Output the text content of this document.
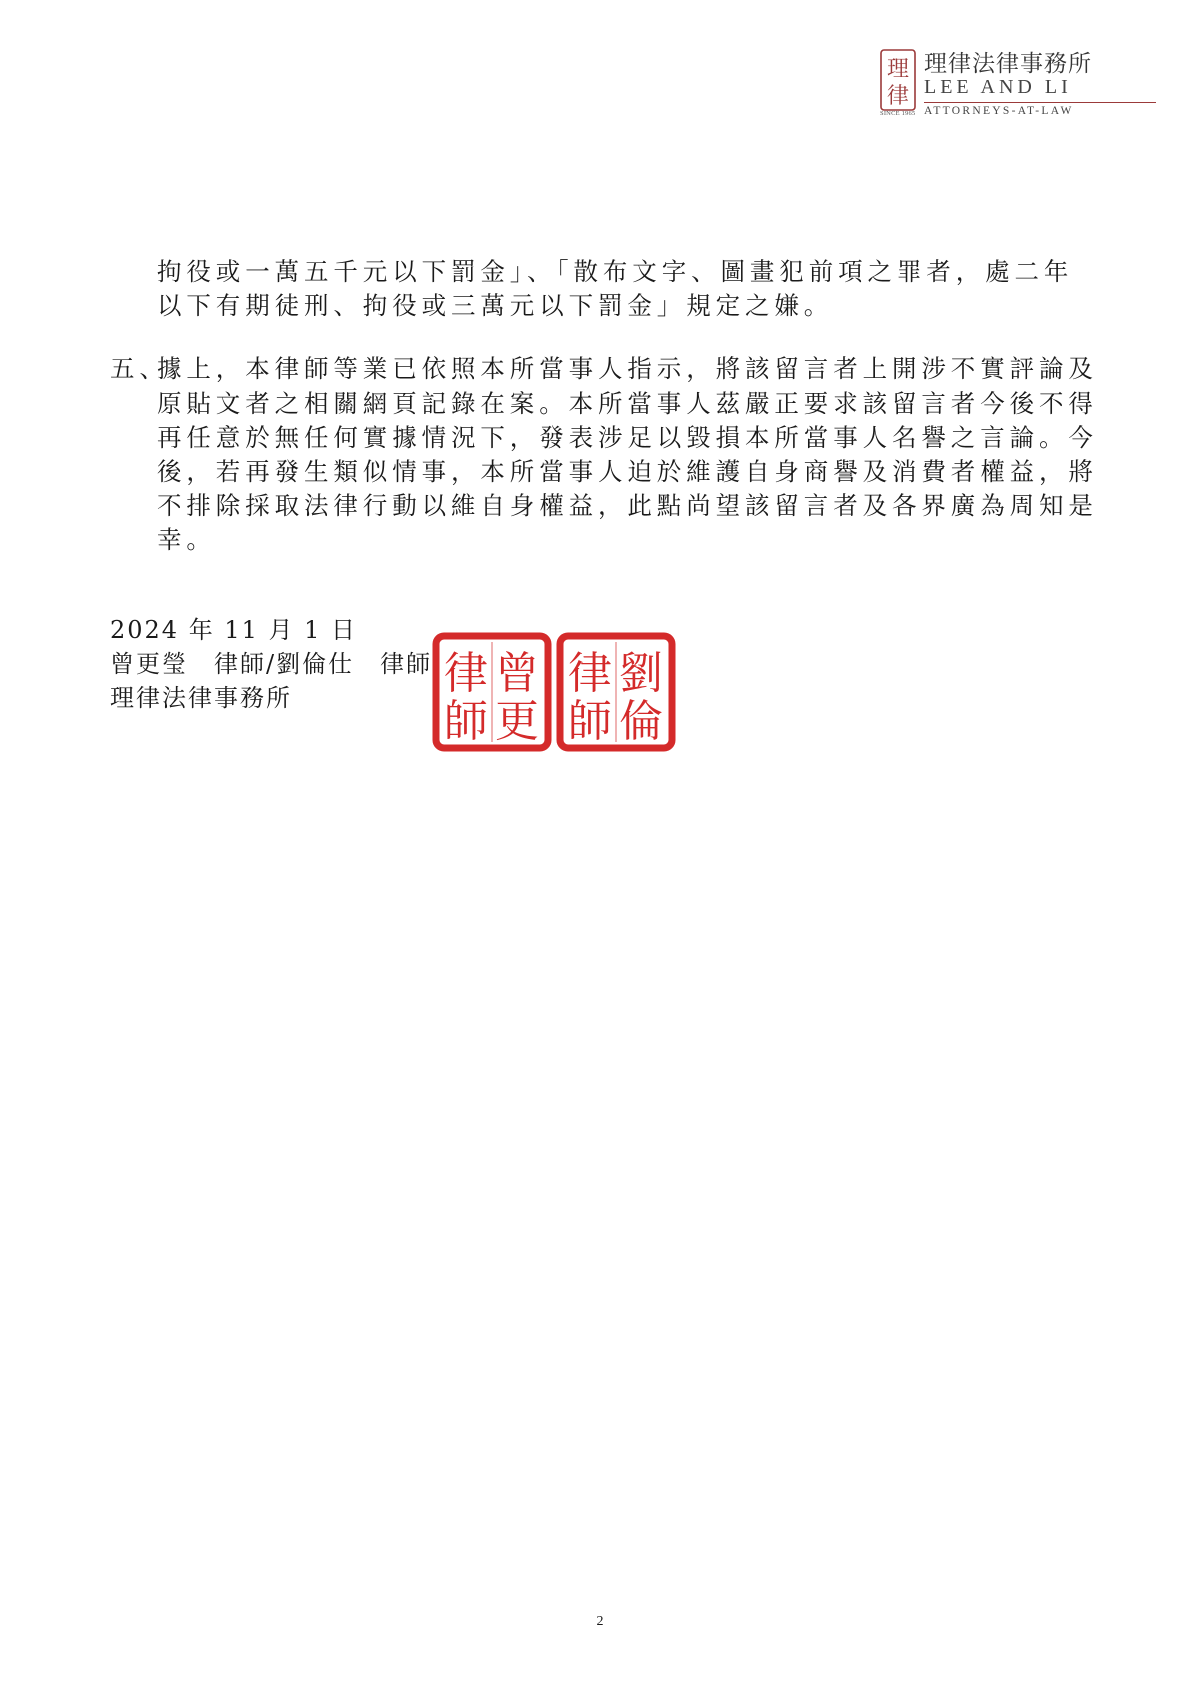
理
律
理律法律事務所
LEE AND LI
SINCE 1965 ATTORNEYS-AT-LAW
拘役或一萬五千元以下罰金」、「散布文字、圖畫犯前項之罪者，處二年
以下有期徒刑、拘役或三萬元以下罰金」規定之嫌。
五、
據上，本律師等業已依照本所當事人指示，將該留言者上開涉不實評論及
原貼文者之相關網頁記錄在案。本所當事人茲嚴正要求該留言者今後不得
再任意於無任何實據情況下，發表涉足以毀損本所當事人名譽之言論。今
後，若再發生類似情事，本所當事人迫於維護自身商譽及消費者權益，將
不排除採取法律行動以維自身權益，此點尚望該留言者及各界廣為周知是
幸。
2024 年 11 月 1 日
曾更瑩　律師/劉倫仕　律師
理律法律事務所	曾
更
律
師
劉
倫
律
師
2
